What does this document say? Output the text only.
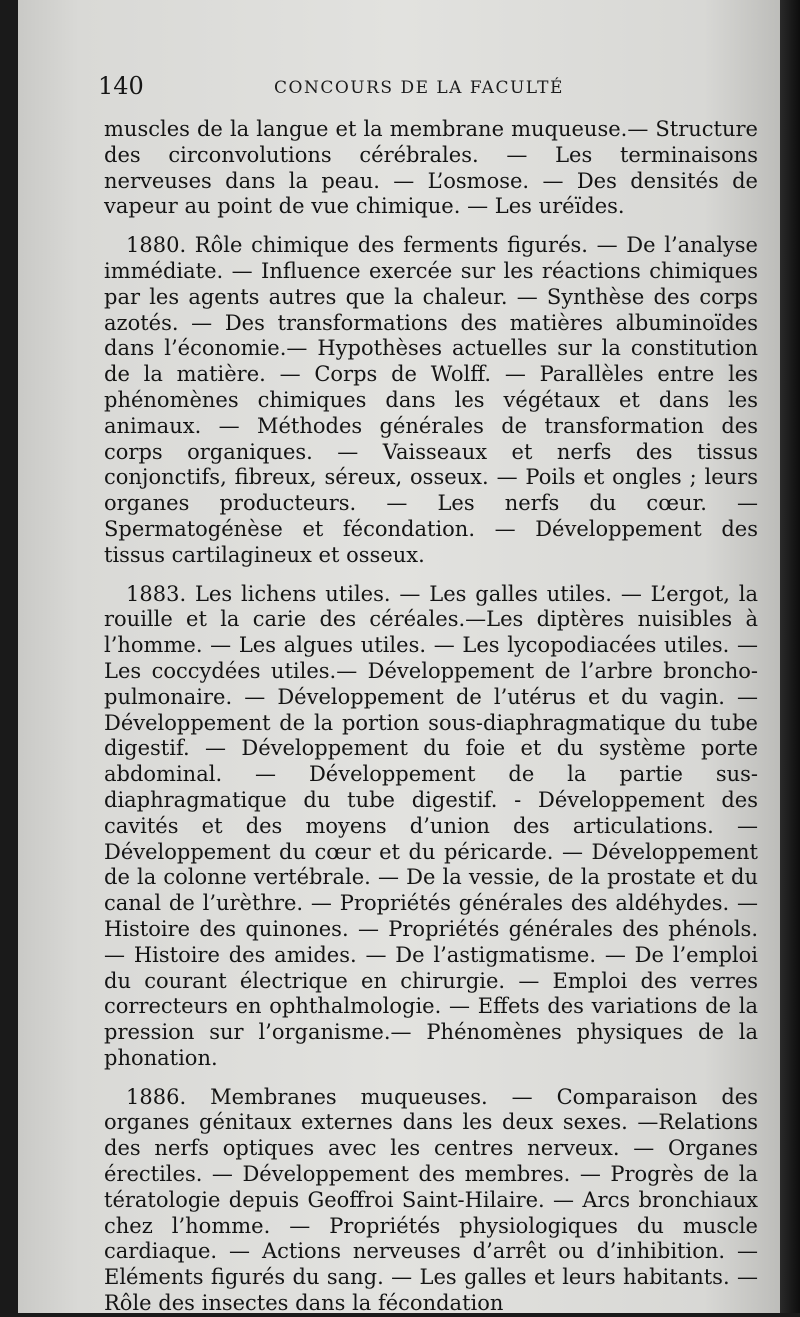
140	CONCOURS DE LA FACULTÉ

muscles de la langue et la membrane muqueuse.— Structure des circonvolutions cérébrales. — Les terminaisons nerveuses dans la peau. — L’osmose. — Des densités de vapeur au point de vue chimique. — Les uréïdes.

1880. Rôle chimique des ferments figurés. — De l’analyse immédiate. — Influence exercée sur les réactions chimiques par les agents autres que la chaleur. — Synthèse des corps azotés. — Des transformations des matières albuminoïdes dans l’économie.— Hypothèses actuelles sur la constitution de la matière. — Corps de Wolff. — Parallèles entre les phénomènes chimiques dans les végétaux et dans les animaux. — Méthodes générales de transformation des corps organiques. — Vaisseaux et nerfs des tissus conjonctifs, fibreux, séreux, osseux. — Poils et ongles ; leurs organes producteurs. — Les nerfs du cœur. — Spermatogénèse et fécondation. — Développement des tissus cartilagineux et osseux.

1883. Les lichens utiles. — Les galles utiles. — L’ergot, la rouille et la carie des céréales.—Les diptères nuisibles à l’homme. — Les algues utiles. — Les lycopodiacées utiles. — Les coccydées utiles.— Développement de l’arbre broncho-pulmonaire. — Développement de l’utérus et du vagin. — Développement de la portion sous-diaphragmatique du tube digestif. — Développement du foie et du système porte abdominal. — Développement de la partie sus-diaphragmatique du tube digestif. - Développement des cavités et des moyens d’union des articulations. — Développement du cœur et du péricarde. — Développement de la colonne vertébrale. — De la vessie, de la prostate et du canal de l’urèthre. — Propriétés générales des aldéhydes. — Histoire des quinones. — Propriétés générales des phénols. — Histoire des amides. — De l’astigmatisme. — De l’emploi du courant électrique en chirurgie. — Emploi des verres correcteurs en ophthalmologie. — Effets des variations de la pression sur l’organisme.— Phénomènes physiques de la phonation.

1886. Membranes muqueuses. — Comparaison des organes génitaux externes dans les deux sexes. —Relations des nerfs optiques avec les centres nerveux. — Organes érectiles. — Développement des membres. — Progrès de la tératologie depuis Geoffroi Saint-Hilaire. — Arcs bronchiaux chez l’homme. — Propriétés physiologiques du muscle cardiaque. — Actions nerveuses d’arrêt ou d’inhibition. — Eléments figurés du sang. — Les galles et leurs habitants. — Rôle des insectes dans la fécondation
